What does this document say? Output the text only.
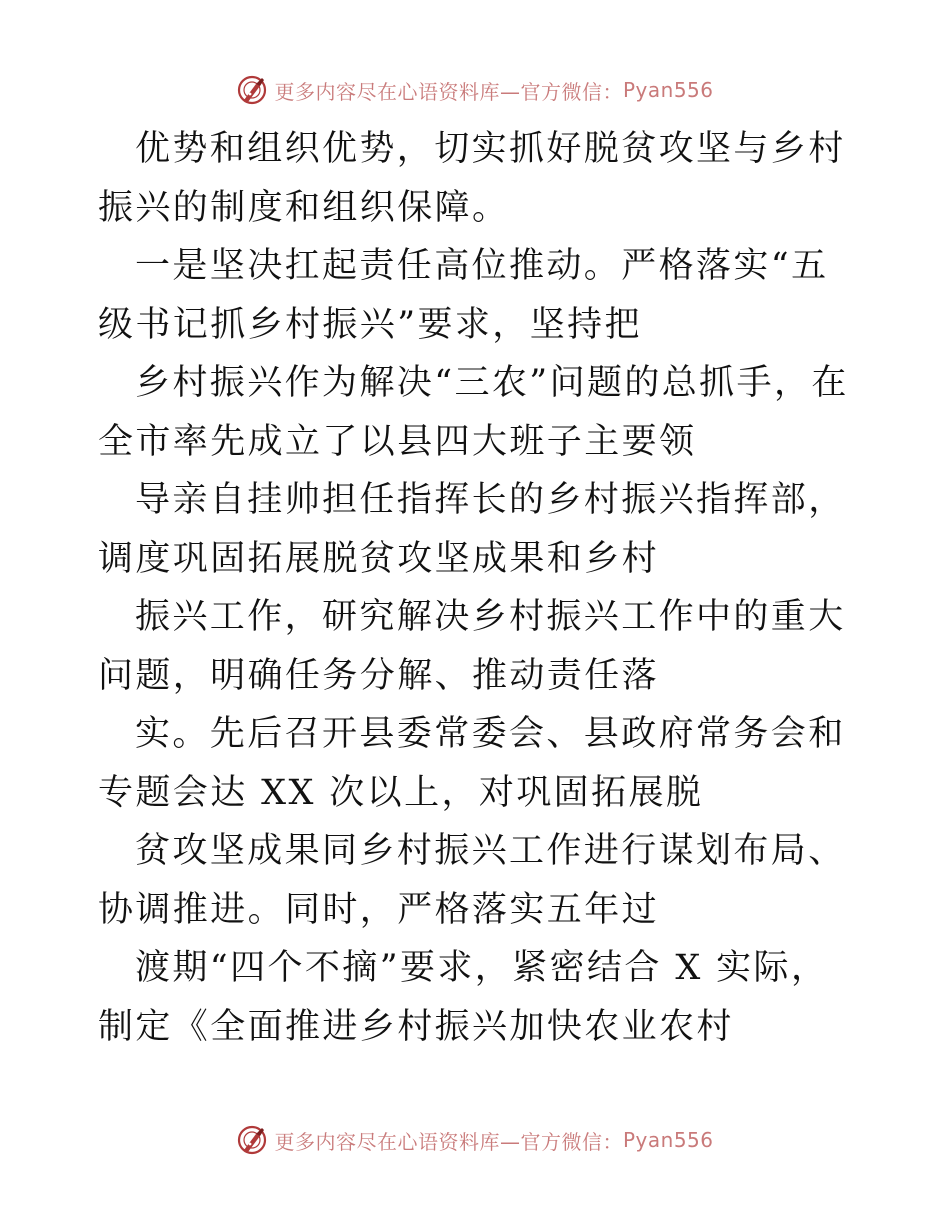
更多内容尽在心语资料库—官方微信： Pyan556

优势和组织优势，切实抓好脱贫攻坚与乡村振兴的制度和组织保障。

一是坚决扛起责任高位推动。严格落实“五级书记抓乡村振兴”要求，坚持把

乡村振兴作为解决“三农”问题的总抓手，在全市率先成立了以县四大班子主要领

导亲自挂帅担任指挥长的乡村振兴指挥部，调度巩固拓展脱贫攻坚成果和乡村

振兴工作，研究解决乡村振兴工作中的重大问题，明确任务分解、推动责任落

实。先后召开县委常委会、县政府常务会和专题会达 XX 次以上，对巩固拓展脱

贫攻坚成果同乡村振兴工作进行谋划布局、协调推进。同时，严格落实五年过

渡期“四个不摘”要求，紧密结合 X 实际，制定《全面推进乡村振兴加快农业农村

更多内容尽在心语资料库—官方微信： Pyan556
